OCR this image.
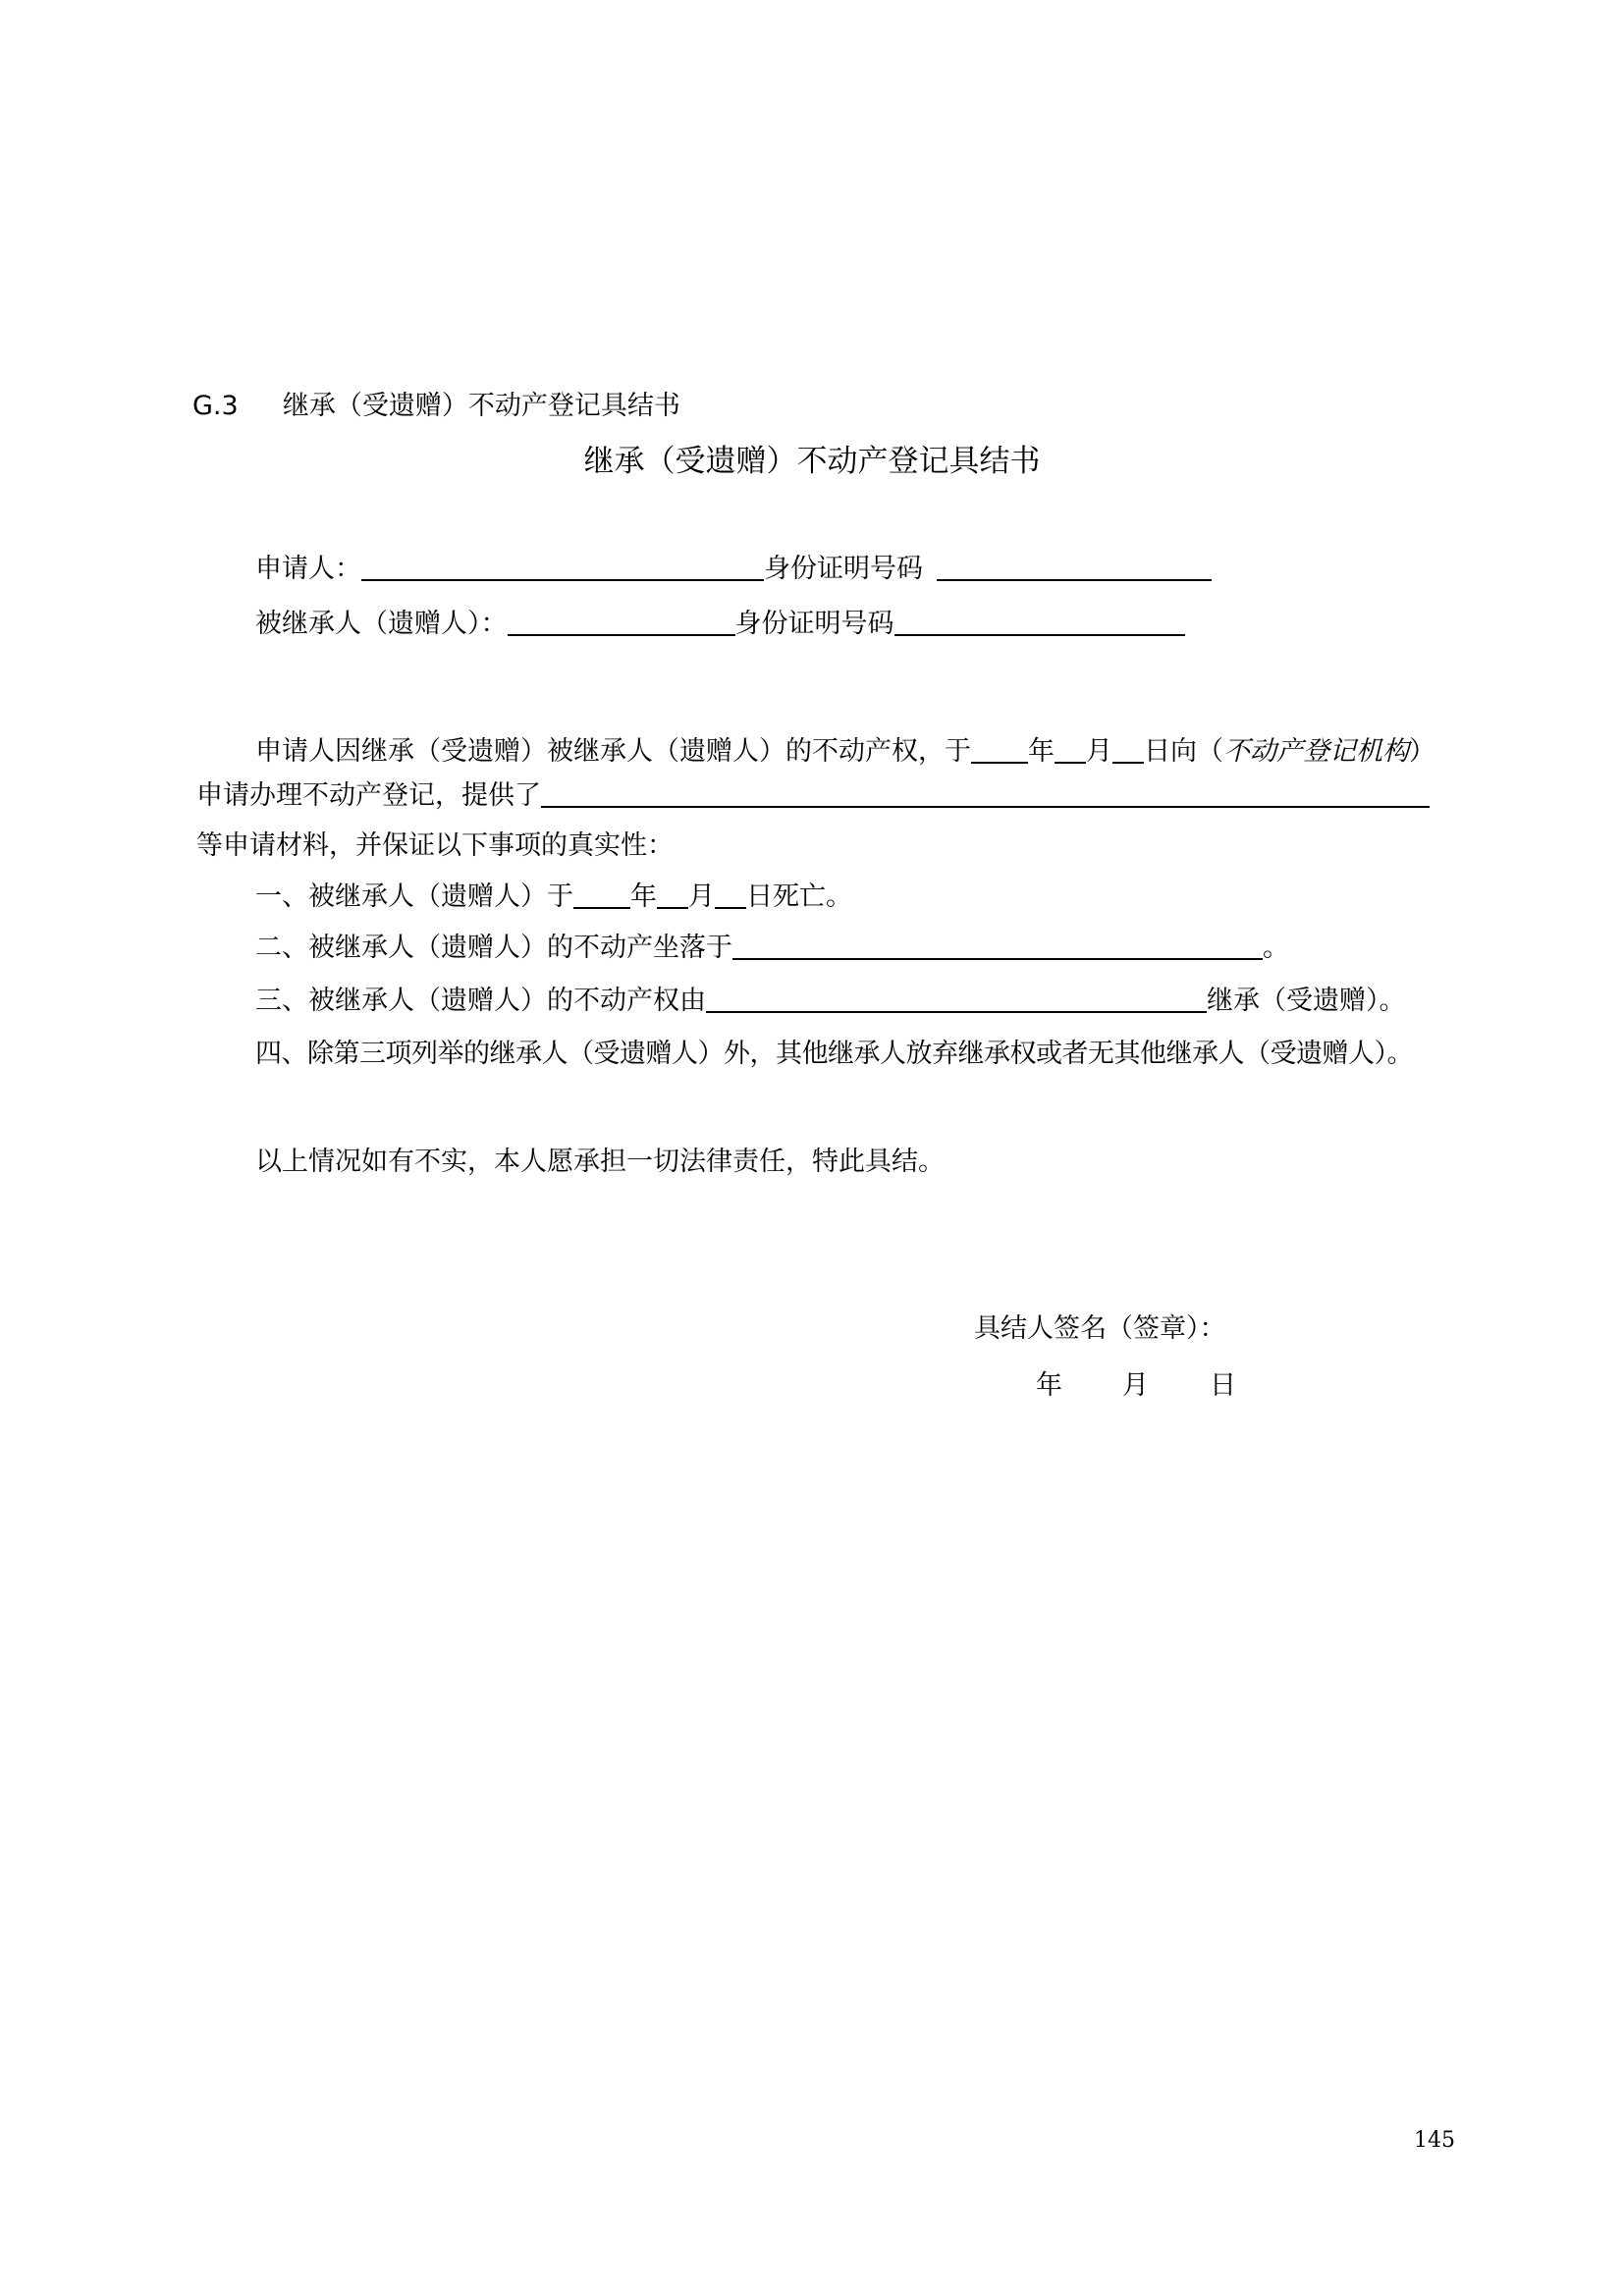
G.3 继承（受遗赠）不动产登记具结书
继承（受遗赠）不动产登记具结书
申请人：	身份证明号码
被继承人（遗赠人）：	身份证明号码
申请人因继承（受遗赠）被继承人（遗赠人）的不动产权，于 年 月 日向（不动产登记机构）
申请办理不动产登记，提供了
等申请材料，并保证以下事项的真实性：
一、被继承人（遗赠人）于 年 月 日死亡。
二、被继承人（遗赠人）的不动产坐落于	。
三、被继承人（遗赠人）的不动产权由	继承（受遗赠）。
四、除第三项列举的继承人（受遗赠人）外，其他继承人放弃继承权或者无其他继承人（受遗赠人）。
以上情况如有不实，本人愿承担一切法律责任，特此具结。
具结人签名（签章）：
年 月 日
145
